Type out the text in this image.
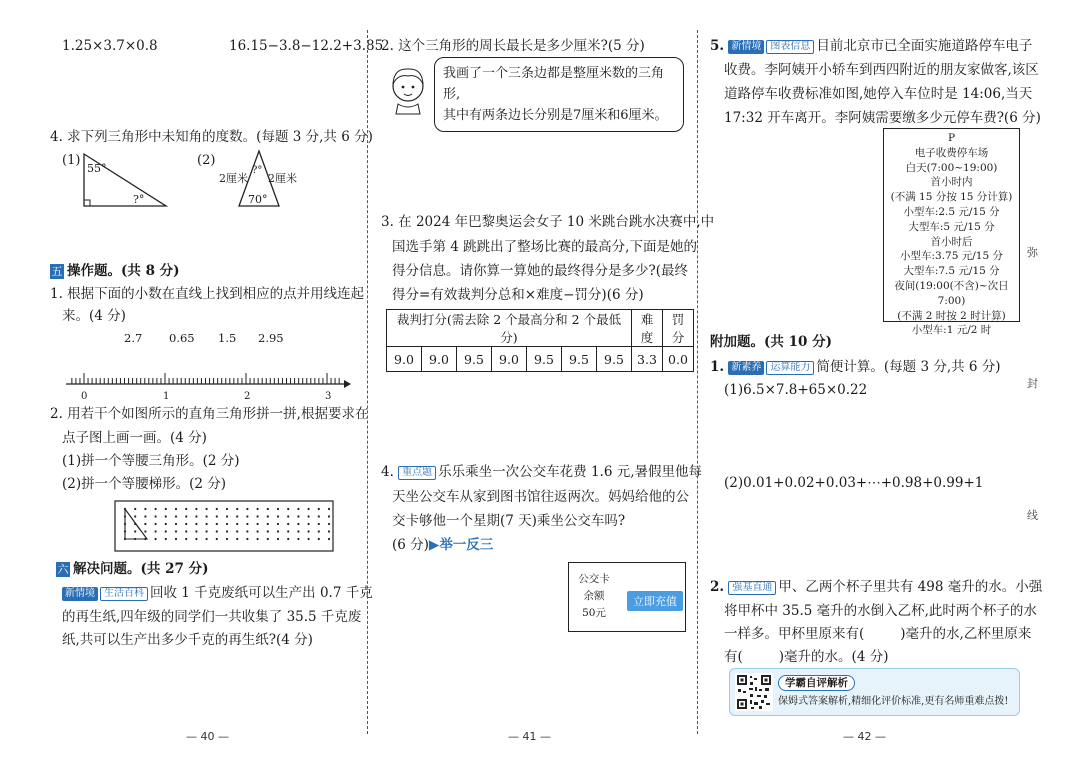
1.25×3.7×0.8	16.15−3.8−12.2+3.85
4. 求下列三角形中未知角的度数。(每题 3 分,共 6 分)
(1)
55°
?°
(2)
?°
2厘米 2厘米
70°
五 操作题。(共 8 分)
1. 根据下面的小数在直线上找到相应的点并用线连起
来。(4 分)
2.7 0.65 1.5 2.95
0	1	2	3
2. 用若干个如图所示的直角三角形拼一拼,根据要求在
点子图上画一画。(4 分)
(1)拼一个等腰三角形。(2 分)
(2)拼一个等腰梯形。(2 分)
六 解决问题。(共 27 分)
新情境 生活百科 回收 1 千克废纸可以生产出 0.7 千克
的再生纸,四年级的同学们一共收集了 35.5 千克废
纸,共可以生产出多少千克的再生纸?(4 分)
— 40 —
2. 这个三角形的周长最长是多少厘米?(5 分)
我画了一个三条边都是整厘米数的三角形,
其中有两条边长分别是7厘米和6厘米。
3. 在 2024 年巴黎奥运会女子 10 米跳台跳水决赛中,中
国选手第 4 跳跳出了整场比赛的最高分,下面是她的
得分信息。请你算一算她的最终得分是多少?(最终
得分=有效裁判分总和×难度−罚分)(6 分)
裁判打分(需去除 2 个最高分和 2 个最低分)							难度	罚分
9.0	9.0	9.5	9.0	9.5	9.5	9.5	3.3	0.0
4. 重点题 乐乐乘坐一次公交车花费 1.6 元,暑假里他每
天坐公交车从家到图书馆往返两次。妈妈给他的公
交卡够他一个星期(7 天)乘坐公交车吗?
(6 分)▶举一反三
公交卡
余额
50元
立即充值
— 41 —
5. 新情境 图表信息 目前北京市已全面实施道路停车电子
收费。李阿姨开小轿车到西四附近的朋友家做客,该区
道路停车收费标准如图,她停入车位时是 14:06,当天
17:32 开车离开。李阿姨需要缴多少元停车费?(6 分)
P
电子收费停车场
白天(7:00~19:00)
首小时内
(不满 15 分按 15 分计算)
小型车:2.5 元/15 分
大型车:5 元/15 分
首小时后
小型车:3.75 元/15 分
大型车:7.5 元/15 分
夜间(19:00(不含)~次日 7:00)
(不满 2 时按 2 时计算)
小型车:1 元/2 时
附加题。(共 10 分)
1. 新素养 运算能力 简便计算。(每题 3 分,共 6 分)
(1)6.5×7.8+65×0.22
(2)0.01+0.02+0.03+⋯+0.98+0.99+1
2. 强基直通 甲、乙两个杯子里共有 498 毫升的水。小强
将甲杯中 35.5 毫升的水倒入乙杯,此时两个杯子的水
一样多。甲杯里原来有(	)毫升的水,乙杯里原来
有(	)毫升的水。(4 分)
学霸自评解析
保姆式答案解析,精细化评价标准,更有名师重难点拨!
— 42 —
弥
封
线
